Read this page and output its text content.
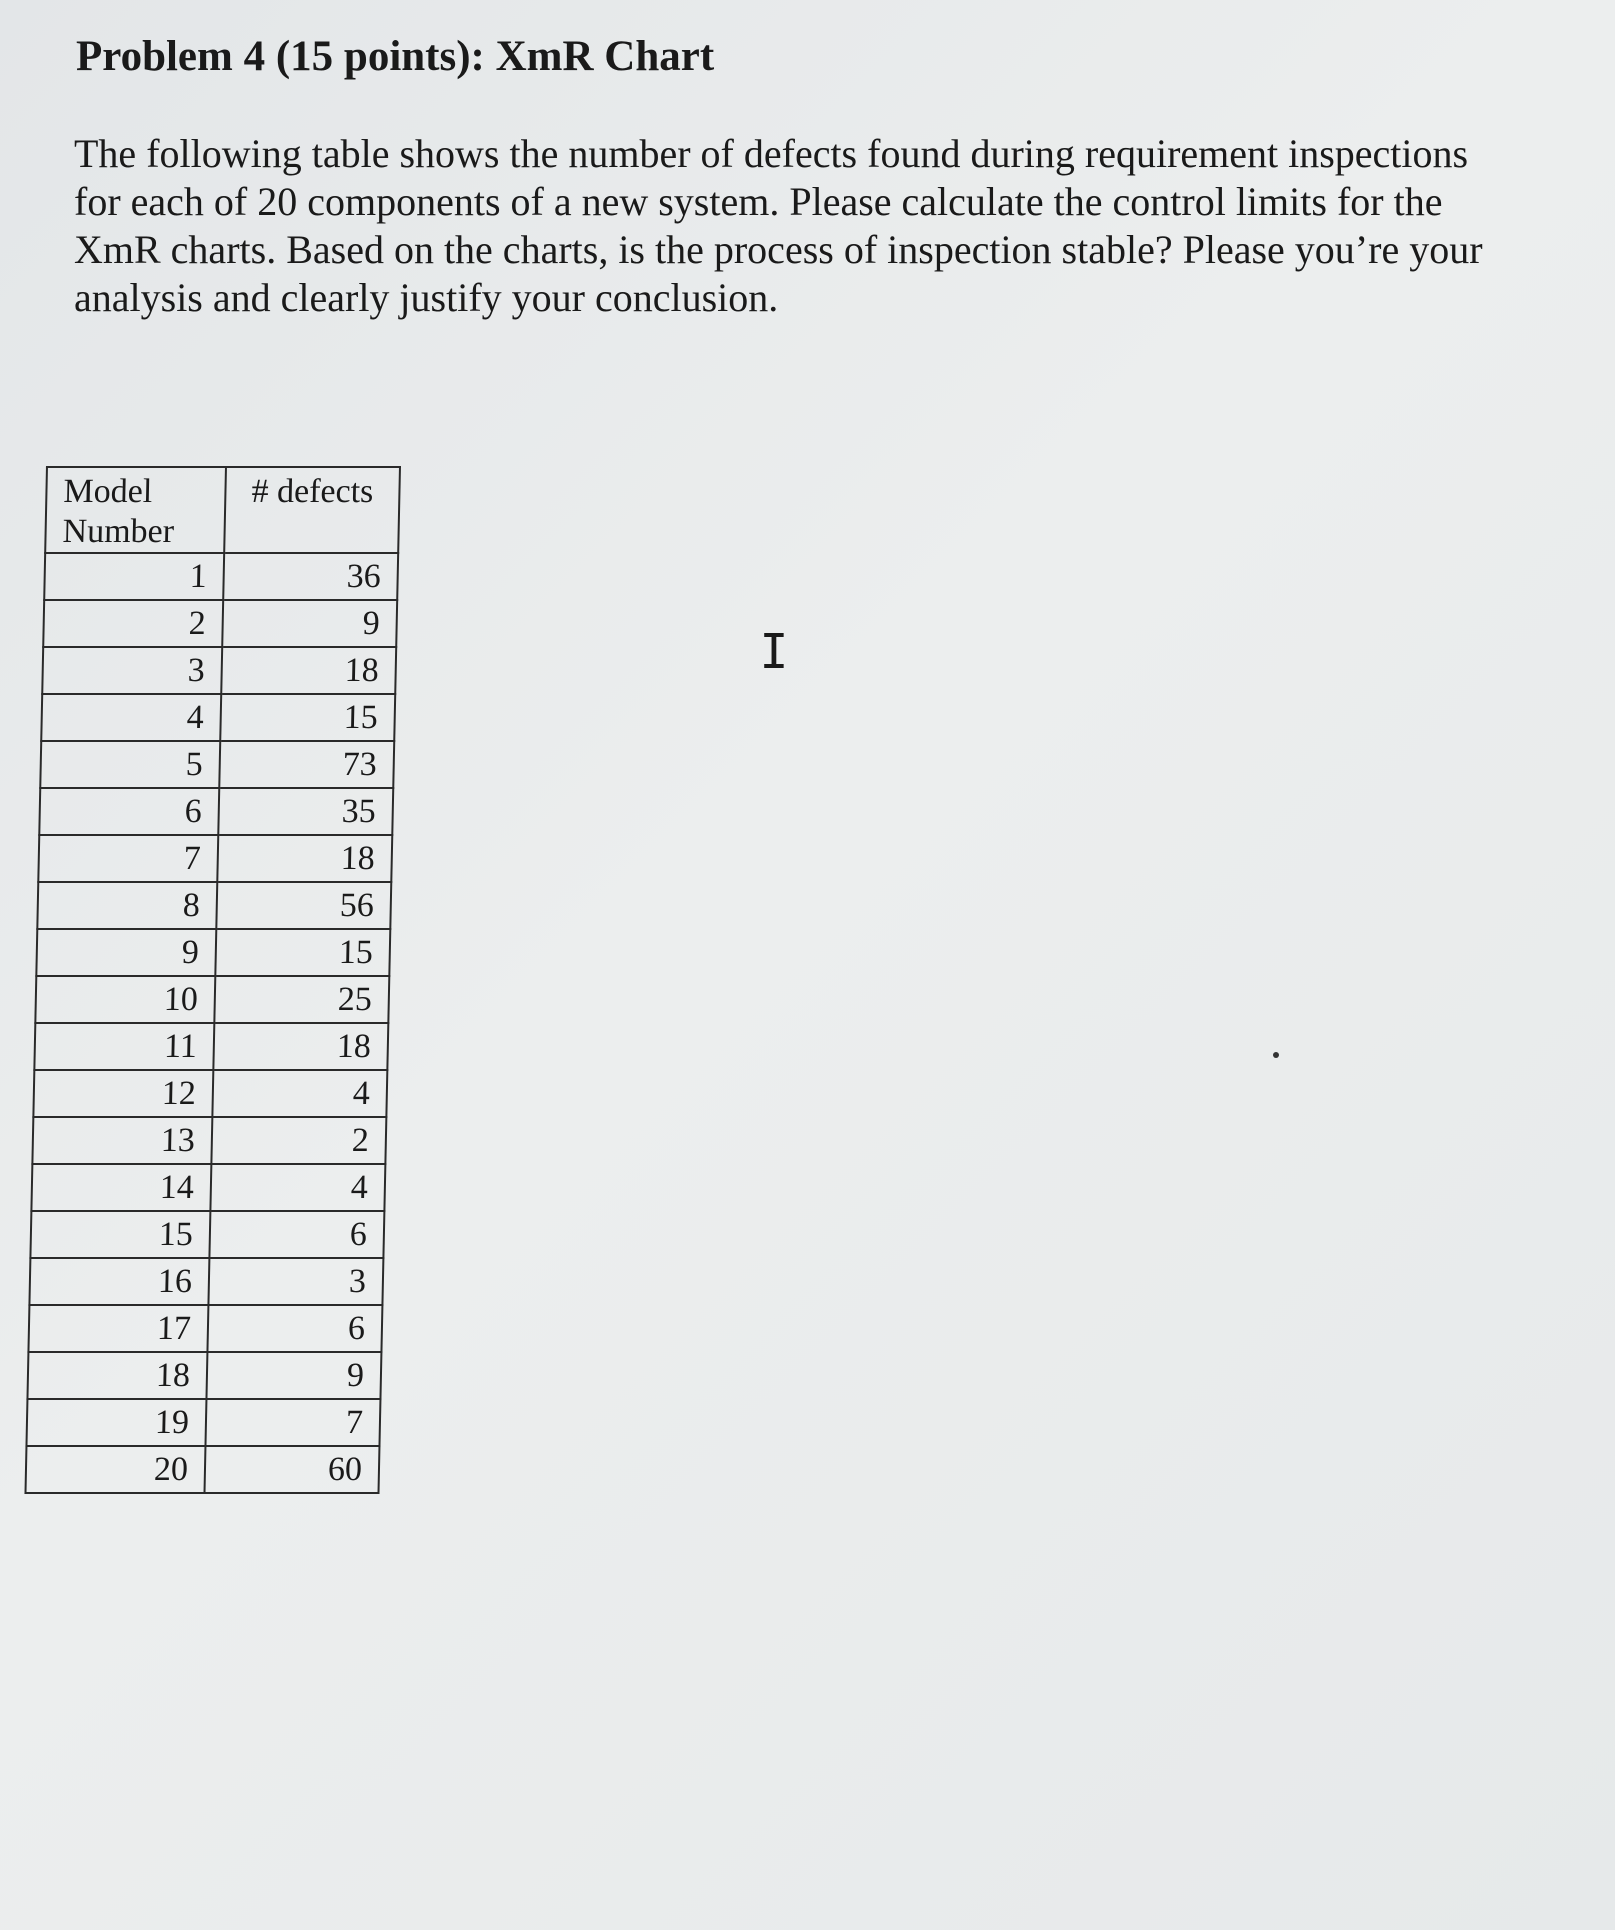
Problem 4 (15 points): XmR Chart

The following table shows the number of defects found during requirement inspections
for each of 20 components of a new system. Please calculate the control limits for the
XmR charts. Based on the charts, is the process of inspection stable? Please you’re your
analysis and clearly justify your conclusion.

Model
Number	# defects
1	36
2	9
3	18
4	15
5	73
6	35
7	18
8	56
9	15
10	25
11	18
12	4
13	2
14	4
15	6
16	3
17	6
18	9
19	7
20	60
I
